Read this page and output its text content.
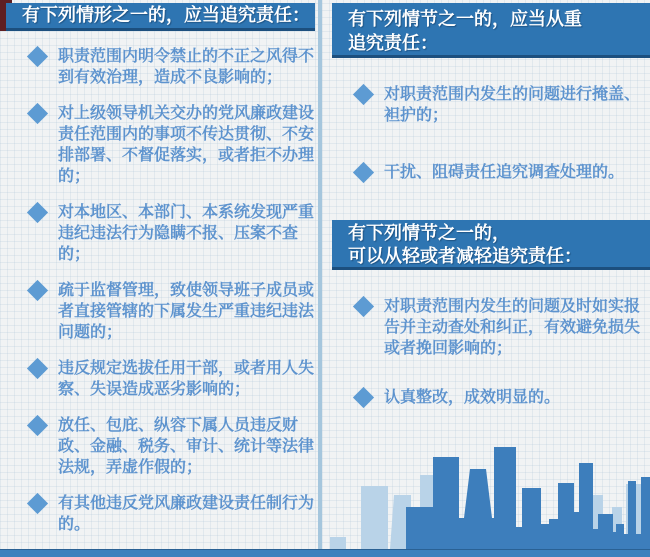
有下列情形之一的，应当追究责任： 有下列情节之一的，应当从重
追究责任：
有下列情节之一的，
可以从轻或者减轻追究责任：
职责范围内明令禁止的不正之风得不到有效治理，造成不良影响的；
对上级领导机关交办的党风廉政建设责任范围内的事项不传达贯彻、不安排部署、不督促落实，或者拒不办理的；
对本地区、本部门、本系统发现严重违纪违法行为隐瞒不报、压案不查的；
疏于监督管理，致使领导班子成员或者直接管辖的下属发生严重违纪违法问题的；
违反规定选拔任用干部，或者用人失察、失误造成恶劣影响的；
放任、包庇、纵容下属人员违反财政、金融、税务、审计、统计等法律法规，弄虚作假的；
有其他违反党风廉政建设责任制行为的。
对职责范围内发生的问题进行掩盖、袒护的；
干扰、阻碍责任追究调查处理的。
对职责范围内发生的问题及时如实报告并主动查处和纠正，有效避免损失或者挽回影响的；
认真整改，成效明显的。
